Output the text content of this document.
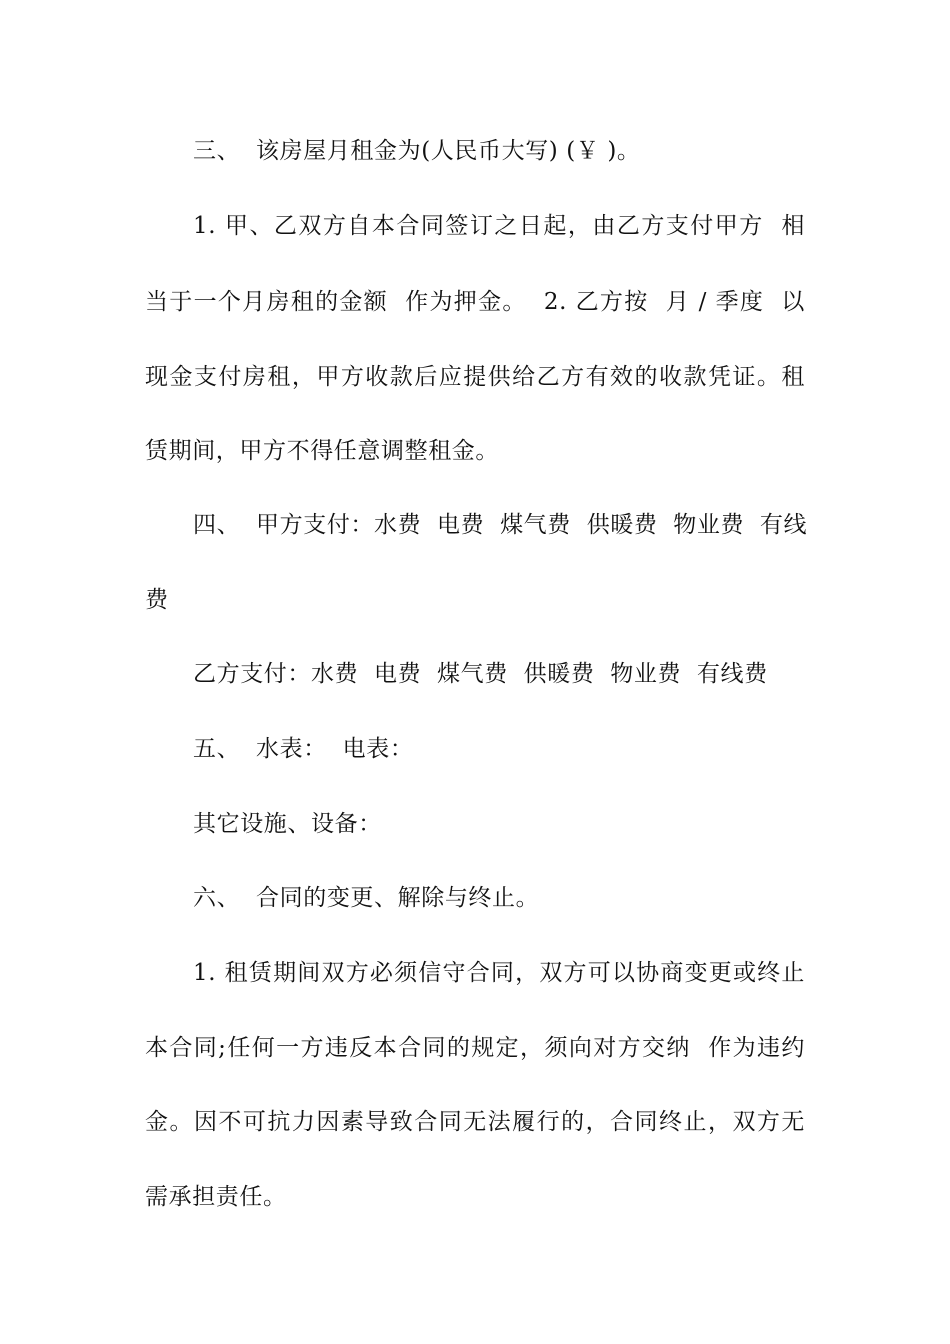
三、  该房屋月租金为(人民币大写) (￥ )。
1. 甲、乙双方自本合同签订之日起，由乙方支付甲方  相
当于一个月房租的金额  作为押金。  2. 乙方按  月 / 季度  以
现金支付房租，甲方收款后应提供给乙方有效的收款凭证。租
赁期间，甲方不得任意调整租金。
四、  甲方支付：水费  电费  煤气费  供暖费  物业费  有线
费
乙方支付：水费  电费  煤气费  供暖费  物业费  有线费
五、  水表：  电表：
其它设施、设备：
六、  合同的变更、解除与终止。
1. 租赁期间双方必须信守合同，双方可以协商变更或终止
本合同;任何一方违反本合同的规定，须向对方交纳  作为违约
金。因不可抗力因素导致合同无法履行的，合同终止，双方无
需承担责任。
